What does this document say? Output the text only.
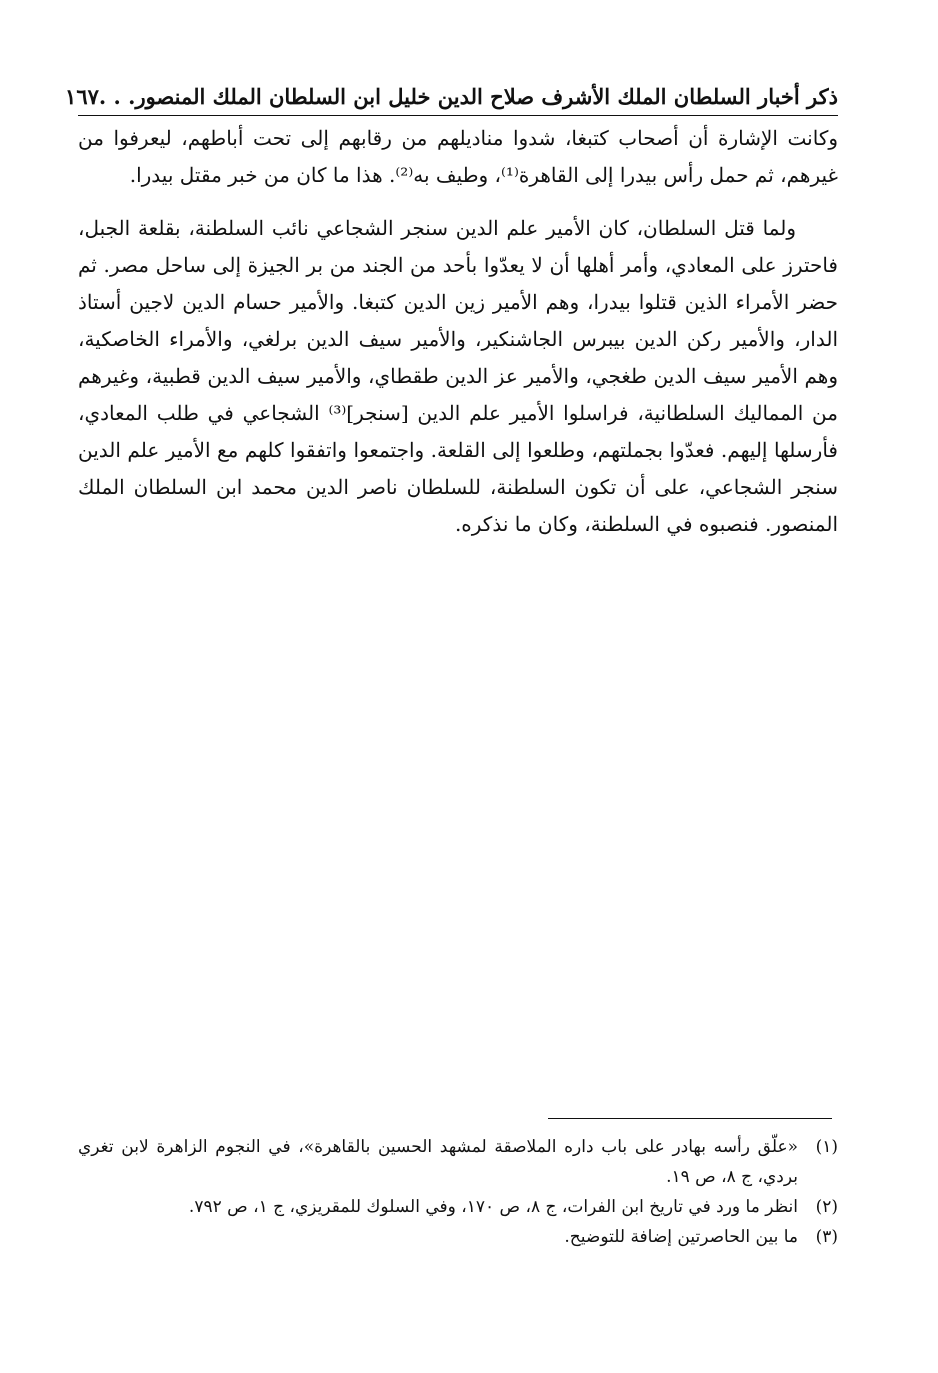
ذكر أخبار السلطان الملك الأشرف صلاح الدين خليل ابن السلطان الملك المنصور. . .
١٦٧

وكانت الإشارة أن أصحاب كتبغا، شدوا مناديلهم من رقابهم إلى تحت أباطهم، ليعرفوا من غيرهم، ثم حمل رأس بيدرا إلى القاهرة⁽¹⁾، وطيف به⁽²⁾. هذا ما كان من خبر مقتل بيدرا.

ولما قتل السلطان، كان الأمير علم الدين سنجر الشجاعي نائب السلطنة، بقلعة الجبل، فاحترز على المعادي، وأمر أهلها أن لا يعدّوا بأحد من الجند من بر الجيزة إلى ساحل مصر. ثم حضر الأمراء الذين قتلوا بيدرا، وهم الأمير زين الدين كتبغا. والأمير حسام الدين لاجين أستاذ الدار، والأمير ركن الدين بيبرس الجاشنكير، والأمير سيف الدين برلغي، والأمراء الخاصكية، وهم الأمير سيف الدين طغجي، والأمير عز الدين طقطاي، والأمير سيف الدين قطبية، وغيرهم من المماليك السلطانية، فراسلوا الأمير علم الدين [سنجر]⁽³⁾ الشجاعي في طلب المعادي، فأرسلها إليهم. فعدّوا بجملتهم، وطلعوا إلى القلعة. واجتمعوا واتفقوا كلهم مع الأمير علم الدين سنجر الشجاعي، على أن تكون السلطنة، للسلطان ناصر الدين محمد ابن السلطان الملك المنصور. فنصبوه في السلطنة، وكان ما نذكره.

(١)
«علّق رأسه بهادر على باب داره الملاصقة لمشهد الحسين بالقاهرة»، في النجوم الزاهرة لابن تغري بردي، ج ٨، ص ١٩.
(٢)
انظر ما ورد في تاريخ ابن الفرات، ج ٨، ص ١٧٠، وفي السلوك للمقريزي، ج ١، ص ٧٩٢.
(٣)
ما بين الحاصرتين إضافة للتوضيح.
